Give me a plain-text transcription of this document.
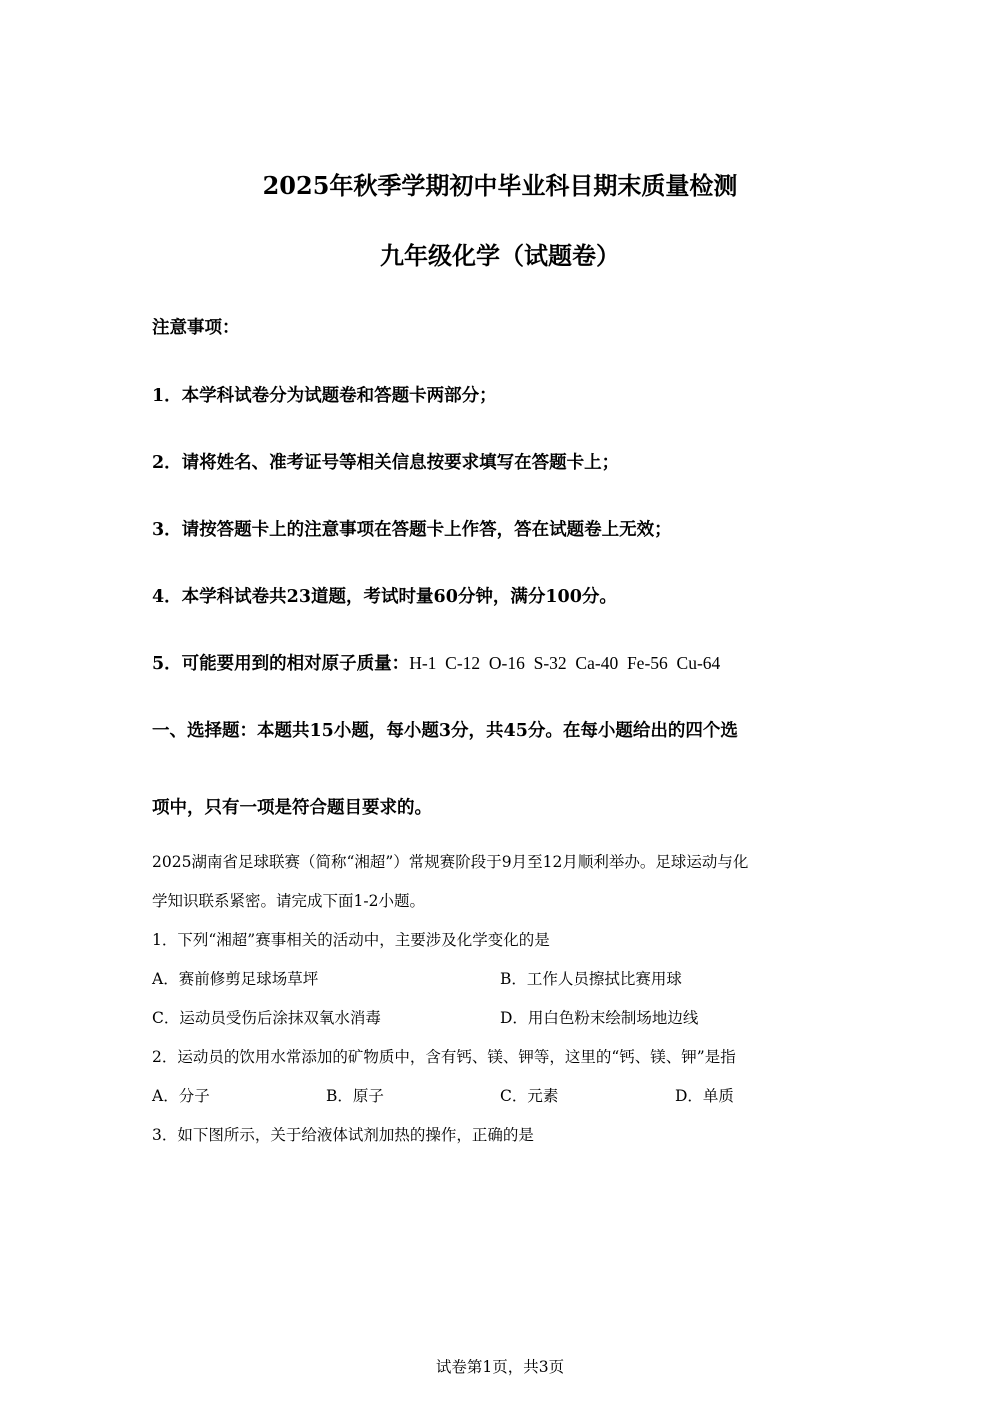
2025年秋季学期初中毕业科目期末质量检测
九年级化学（试题卷）

注意事项：

1．本学科试卷分为试题卷和答题卡两部分；

2．请将姓名、准考证号等相关信息按要求填写在答题卡上；

3．请按答题卡上的注意事项在答题卡上作答，答在试题卷上无效；

4．本学科试卷共23道题，考试时量60分钟，满分100分。

5．可能要用到的相对原子质量：H-1  C-12  O-16  S-32  Ca-40  Fe-56  Cu-64

一、选择题：本题共15小题，每小题3分，共45分。在每小题给出的四个选

项中，只有一项是符合题目要求的。

2025湖南省足球联赛（简称“湘超”）常规赛阶段于9月至12月顺利举办。足球运动与化

学知识联系紧密。请完成下面1-2小题。

1．下列“湘超”赛事相关的活动中，主要涉及化学变化的是

A．赛前修剪足球场草坪	B．工作人员擦拭比赛用球
C．运动员受伤后涂抹双氧水消毒	D．用白色粉末绘制场地边线

2．运动员的饮用水常添加的矿物质中，含有钙、镁、钾等，这里的“钙、镁、钾”是指

A．分子	B．原子	C．元素	D．单质

3．如下图所示，关于给液体试剂加热的操作，正确的是

试卷第1页，共3页
